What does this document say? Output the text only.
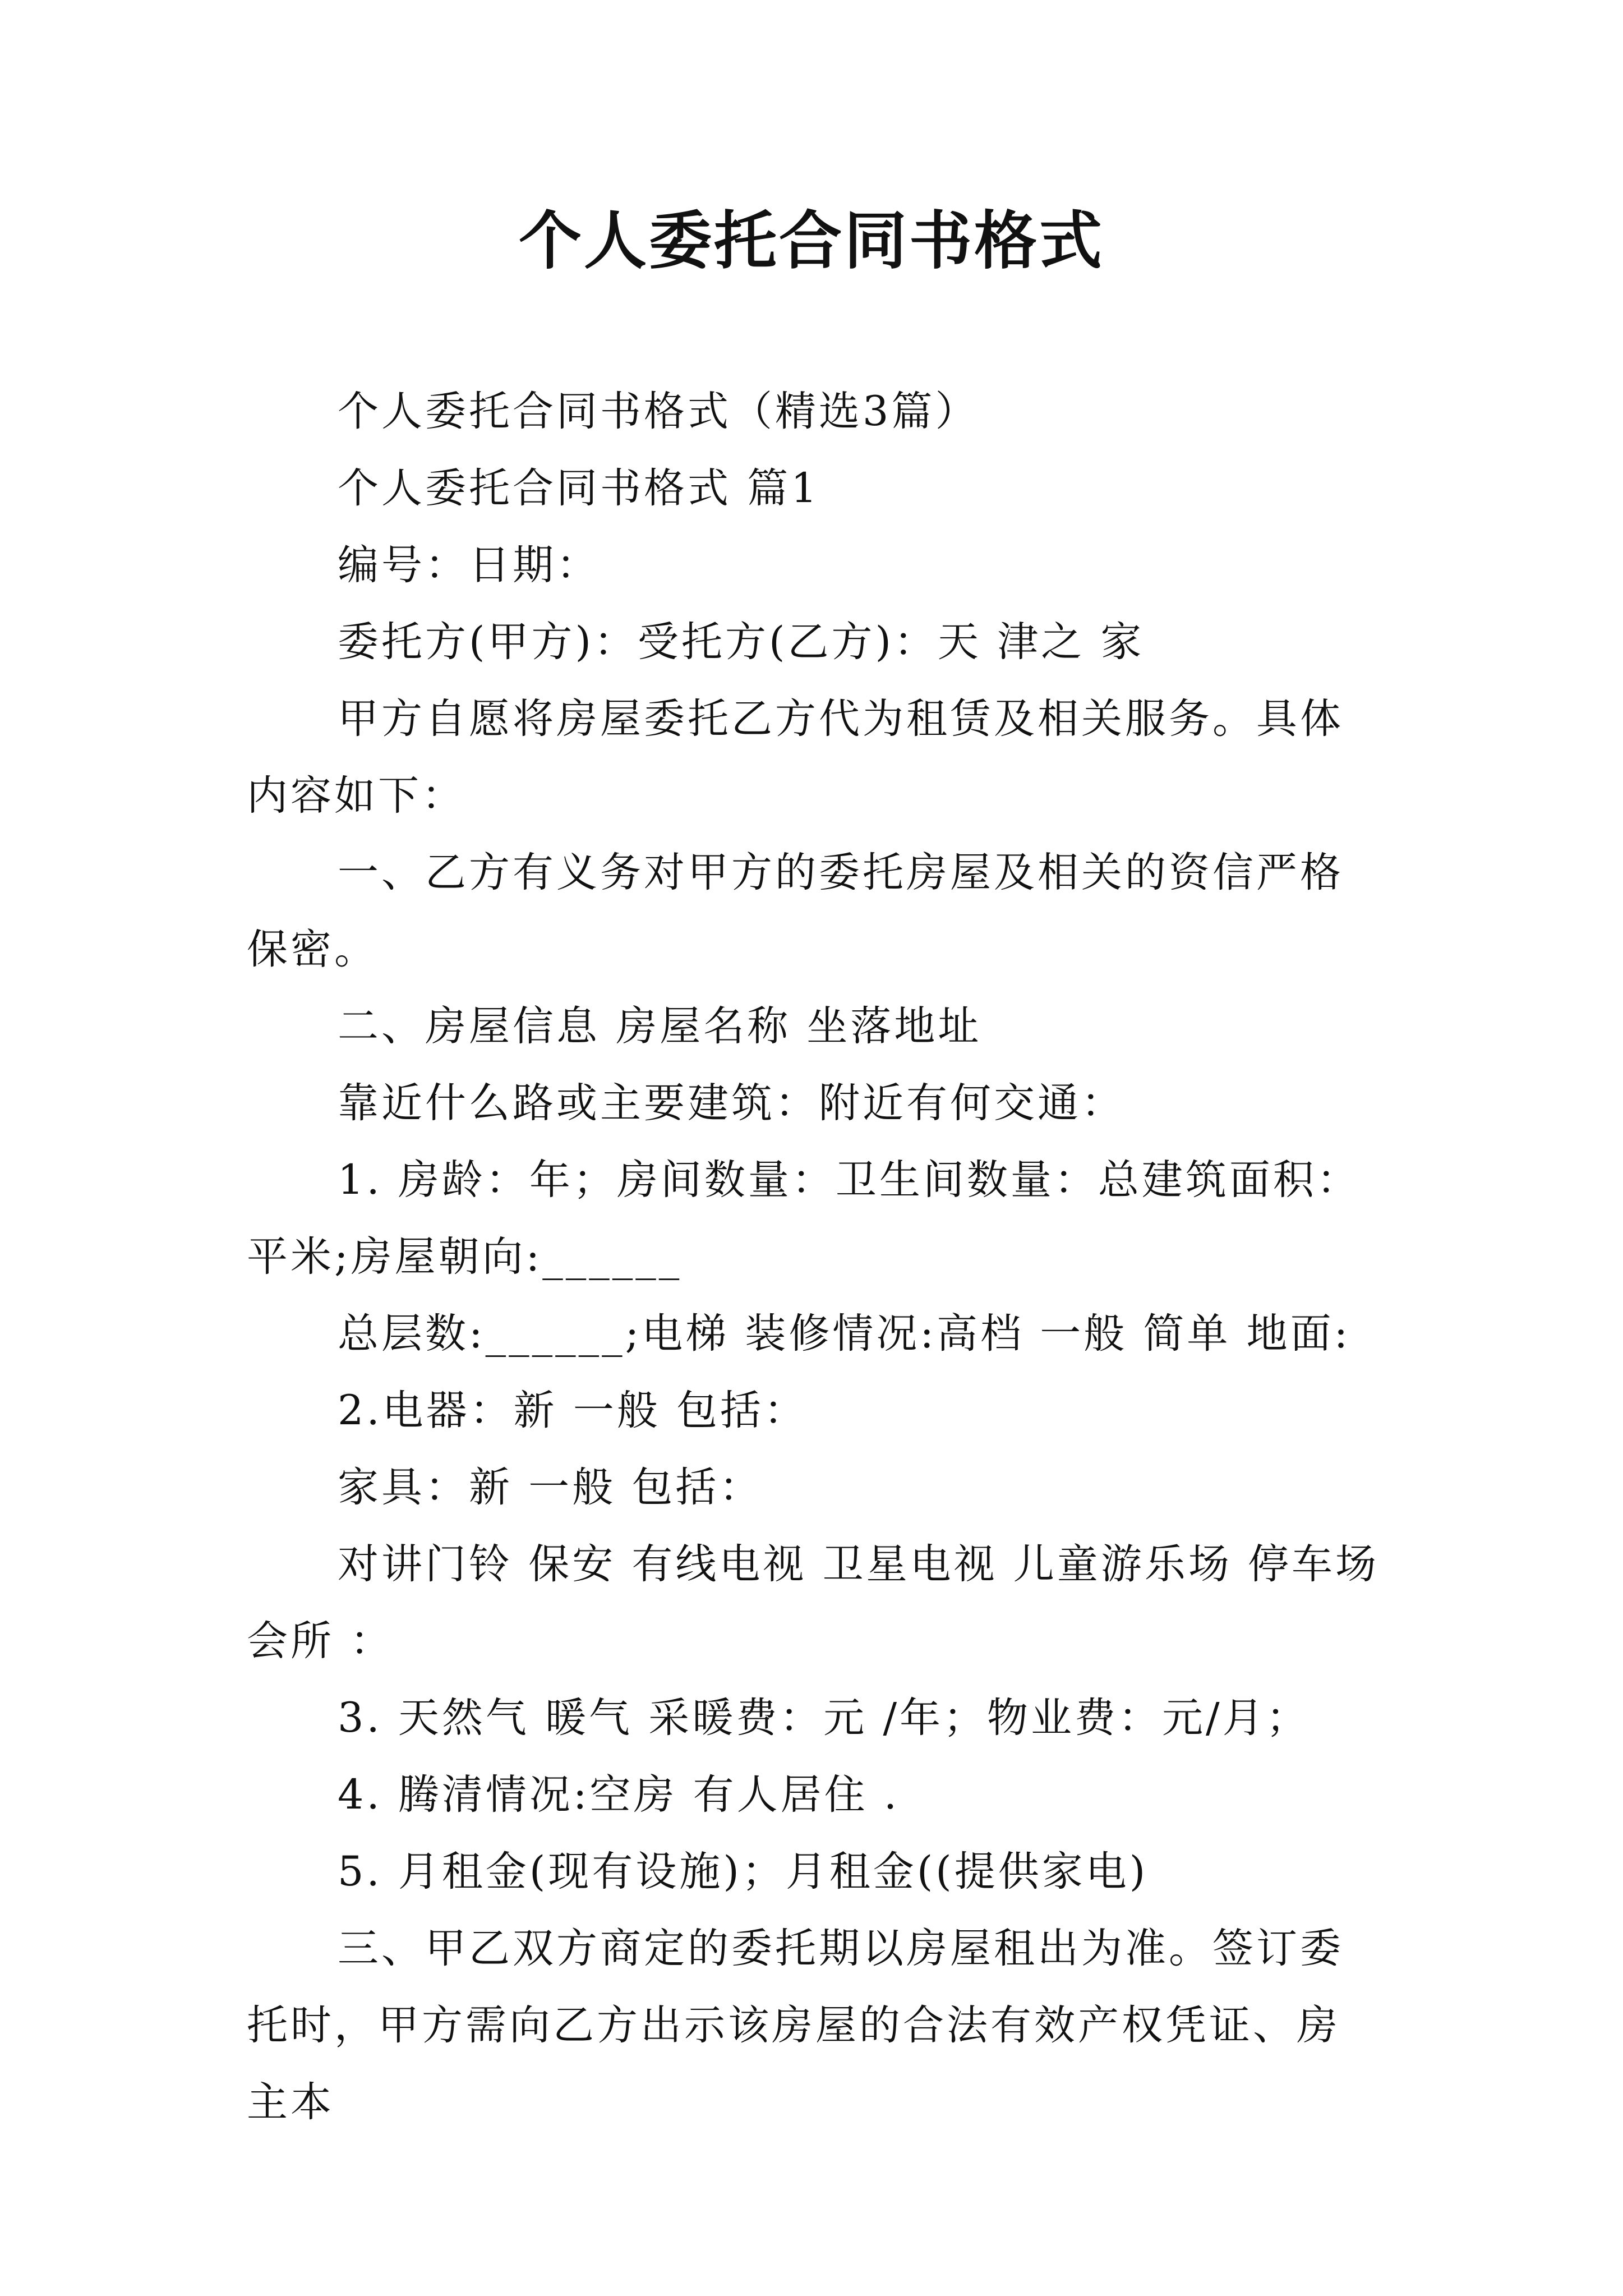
个人委托合同书格式

个人委托合同书格式（精选3篇）

个人委托合同书格式 篇1

编号：日期：

委托方(甲方)：受托方(乙方)：天 津之 家

甲方自愿将房屋委托乙方代为租赁及相关服务。具体内容如下：

一、乙方有义务对甲方的委托房屋及相关的资信严格保密。

二、房屋信息 房屋名称 坐落地址

靠近什么路或主要建筑：附近有何交通：

1. 房龄：年；房间数量：卫生间数量：总建筑面积：平米;房屋朝向:______

总层数:______;电梯 装修情况:高档 一般 简单 地面:

2.电器：新 一般 包括：

家具：新 一般 包括：

对讲门铃 保安 有线电视 卫星电视 儿童游乐场 停车场 会所 ：

3. 天然气 暖气 采暖费：元 /年；物业费：元/月；

4. 腾清情况:空房 有人居住 .

5. 月租金(现有设施)；月租金((提供家电)

三、甲乙双方商定的委托期以房屋租出为准。签订委托时，甲方需向乙方出示该房屋的合法有效产权凭证、房主本
